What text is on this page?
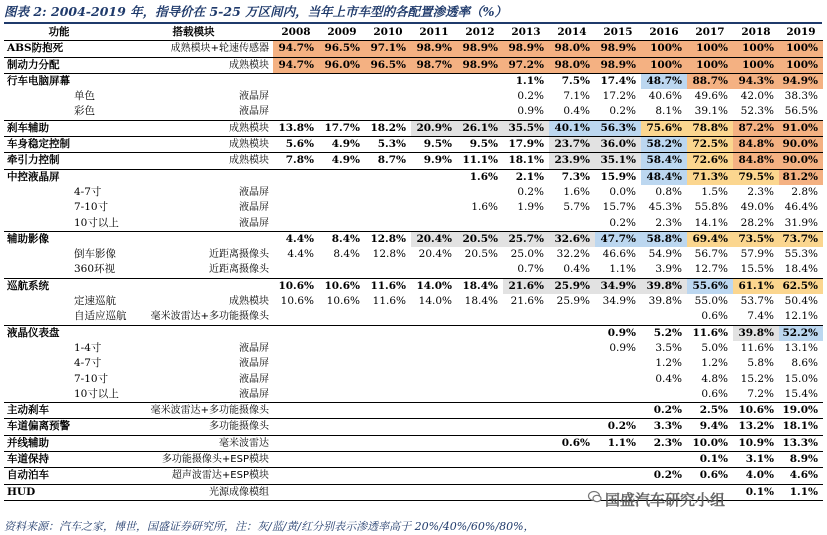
图表 2: 2004-2019 年，指导价在 5-25 万区间内，当年上市车型的各配置渗透率（%）
功能	搭载模块	2008	2009	2010	2011	2012	2013	2014	2015	2016	2017	2018	2019
ABS防抱死	成熟模块+轮速传感器	94.7%	96.5%	97.1%	98.9%	98.9%	98.9%	98.0%	98.9%	100%	100%	100%	100%
制动力分配	成熟模块	94.7%	96.0%	96.5%	98.7%	98.9%	97.2%	98.0%	98.9%	100%	100%	100%	100%
行车电脑屏幕							1.1%	7.5%	17.4%	48.7%	88.7%	94.3%	94.9%
单色	液晶屏						0.2%	7.1%	17.2%	40.6%	49.6%	42.0%	38.3%
彩色	液晶屏						0.9%	0.4%	0.2%	8.1%	39.1%	52.3%	56.5%
刹车辅助	成熟模块	13.8%	17.7%	18.2%	20.9%	26.1%	35.5%	40.1%	56.3%	75.6%	78.8%	87.2%	91.0%
车身稳定控制	成熟模块	5.6%	4.9%	5.3%	9.5%	9.5%	17.9%	23.7%	36.0%	58.2%	72.5%	84.8%	90.0%
牵引力控制	成熟模块	7.8%	4.9%	8.7%	9.9%	11.1%	18.1%	23.9%	35.1%	58.4%	72.6%	84.8%	90.0%
中控液晶屏						1.6%	2.1%	7.3%	15.9%	48.4%	71.3%	79.5%	81.2%
4-7寸	液晶屏						0.2%	1.6%	0.0%	0.8%	1.5%	2.3%	2.8%
7-10寸	液晶屏					1.6%	1.9%	5.7%	15.7%	45.3%	55.8%	49.0%	46.4%
10寸以上	液晶屏								0.2%	2.3%	14.1%	28.2%	31.9%
辅助影像		4.4%	8.4%	12.8%	20.4%	20.5%	25.7%	32.6%	47.7%	58.8%	69.4%	73.5%	73.7%
倒车影像	近距离摄像头	4.4%	8.4%	12.8%	20.4%	20.5%	25.0%	32.2%	46.6%	54.9%	56.7%	57.9%	55.3%
360环视	近距离摄像头						0.7%	0.4%	1.1%	3.9%	12.7%	15.5%	18.4%
巡航系统		10.6%	10.6%	11.6%	14.0%	18.4%	21.6%	25.9%	34.9%	39.8%	55.6%	61.1%	62.5%
定速巡航	成熟模块	10.6%	10.6%	11.6%	14.0%	18.4%	21.6%	25.9%	34.9%	39.8%	55.0%	53.7%	50.4%
自适应巡航	毫米波雷达+多功能摄像头										0.6%	7.4%	12.1%
液晶仪表盘									0.9%	5.2%	11.6%	39.8%	52.2%
1-4寸	液晶屏								0.9%	3.5%	5.0%	11.6%	13.1%
4-7寸	液晶屏									1.2%	1.2%	5.8%	8.6%
7-10寸	液晶屏									0.4%	4.8%	15.2%	15.0%
10寸以上	液晶屏										0.6%	7.2%	15.4%
主动刹车	毫米波雷达+多功能摄像头									0.2%	2.5%	10.6%	19.0%
车道偏离预警	多功能摄像头								0.2%	3.3%	9.4%	13.2%	18.1%
并线辅助	毫米波雷达							0.6%	1.1%	2.3%	10.0%	10.9%	13.3%
车道保持	多功能摄像头+ESP模块										0.1%	3.1%	8.9%
自动泊车	超声波雷达+ESP模块									0.2%	0.6%	4.0%	4.6%
HUD	光源成像模组											0.1%	1.1%
国盛汽车研究小组
资料来源：汽车之家，博世，国盛证券研究所，注：灰/蓝/黄/红分别表示渗透率高于 20%/40%/60%/80%，
